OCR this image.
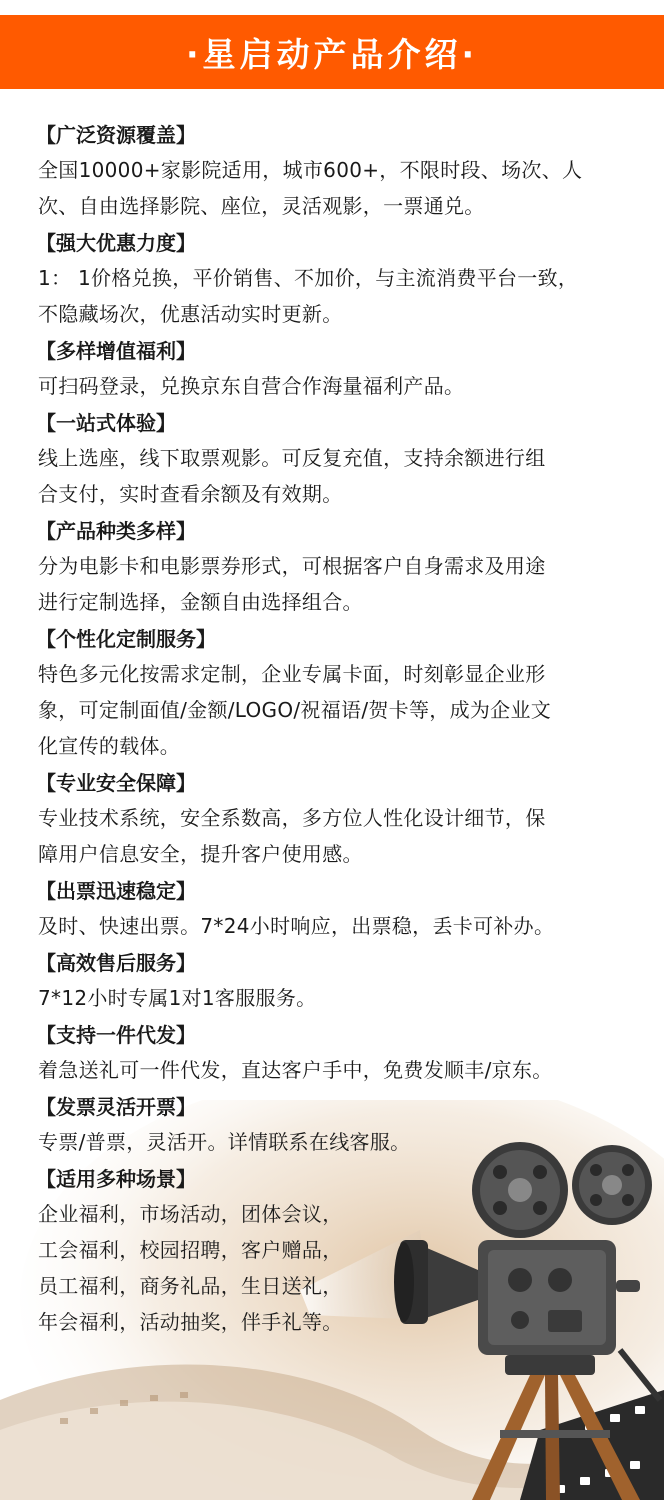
·星启动产品介绍·
【广泛资源覆盖】
全国10000+家影院适用，城市600+，不限时段、场次、人
次、自由选择影院、座位，灵活观影，一票通兑。
【强大优惠力度】
1： 1价格兑换，平价销售、不加价，与主流消费平台一致，
不隐藏场次，优惠活动实时更新。
【多样增值福利】
可扫码登录，兑换京东自营合作海量福利产品。
【一站式体验】
线上选座，线下取票观影。可反复充值，支持余额进行组
合支付，实时查看余额及有效期。
【产品种类多样】
分为电影卡和电影票券形式，可根据客户自身需求及用途
进行定制选择，金额自由选择组合。
【个性化定制服务】
特色多元化按需求定制，企业专属卡面，时刻彰显企业形
象，可定制面值/金额/LOGO/祝福语/贺卡等，成为企业文
化宣传的载体。
【专业安全保障】
专业技术系统，安全系数高，多方位人性化设计细节，保
障用户信息安全，提升客户使用感。
【出票迅速稳定】
及时、快速出票。7*24小时响应，出票稳，丢卡可补办。
【高效售后服务】
7*12小时专属1对1客服服务。
【支持一件代发】
着急送礼可一件代发，直达客户手中，免费发顺丰/京东。
【发票灵活开票】
专票/普票，灵活开。详情联系在线客服。
【适用多种场景】
企业福利，市场活动，团体会议，
工会福利，校园招聘，客户赠品，
员工福利，商务礼品，生日送礼，
年会福利，活动抽奖，伴手礼等。
